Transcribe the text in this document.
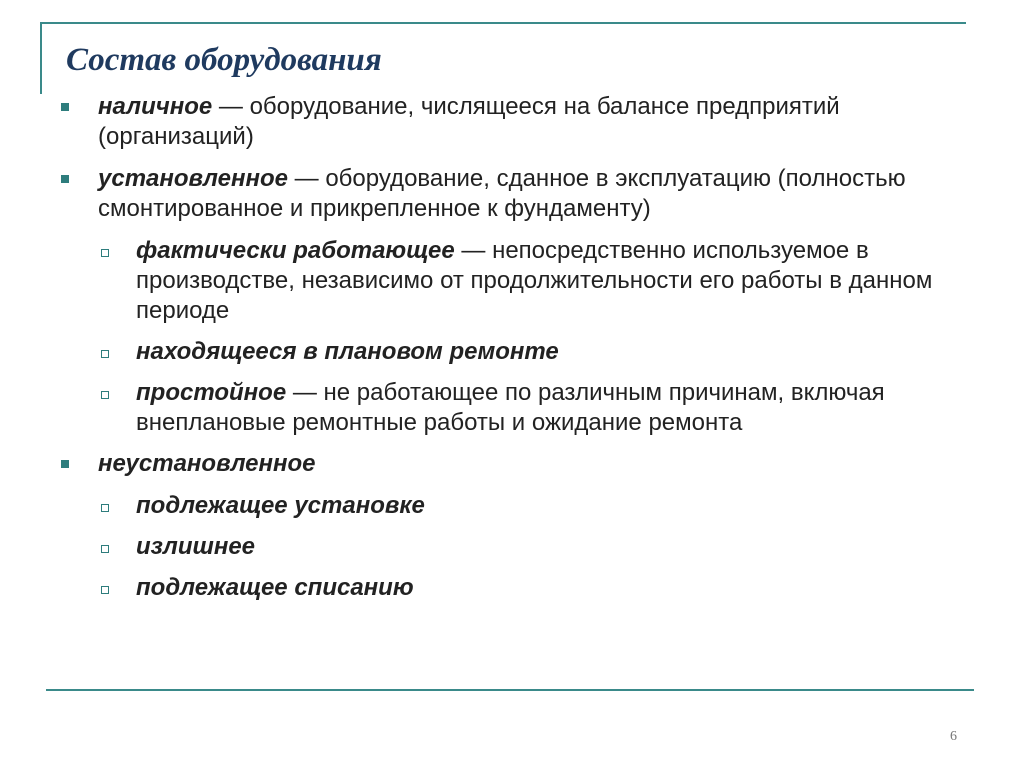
Состав оборудования
наличное — оборудование, числящееся на балансе предприятий (организаций)
установленное — оборудование, сданное в эксплуатацию (полностью смонтированное и прикрепленное к фундаменту)
фактически работающее — непосредственно используемое в производстве, независимо от продолжительности его работы в данном периоде
находящееся в плановом ремонте
простойное — не работающее по различным причинам, включая внеплановые ремонтные работы и ожидание ремонта
неустановленное
подлежащее установке
излишнее
подлежащее списанию
6
